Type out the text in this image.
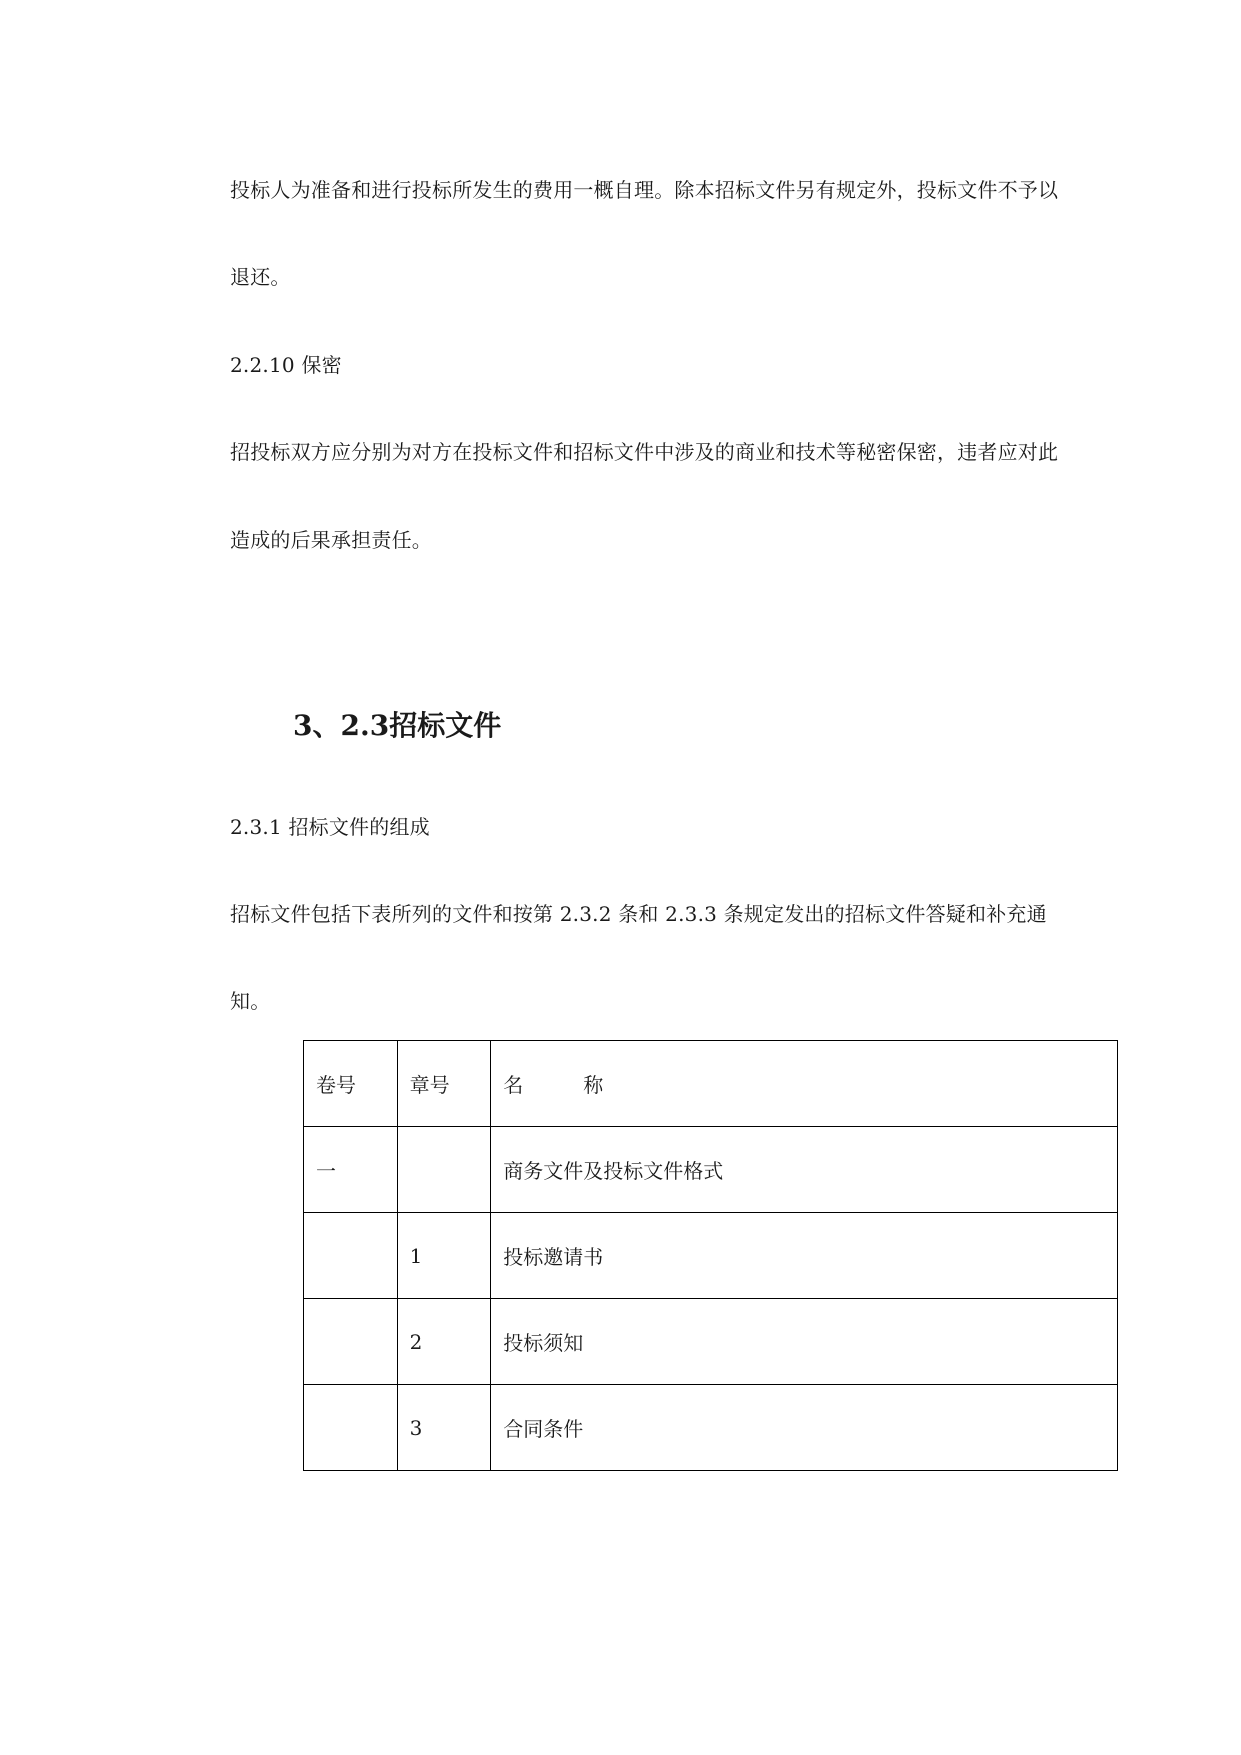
投标人为准备和进行投标所发生的费用一概自理。除本招标文件另有规定外，投标文件不予以
退还。
2.2.10 保密
招投标双方应分别为对方在投标文件和招标文件中涉及的商业和技术等秘密保密，违者应对此
造成的后果承担责任。
3、2.3招标文件
2.3.1 招标文件的组成
招标文件包括下表所列的文件和按第 2.3.2 条和 2.3.3 条规定发出的招标文件答疑和补充通
知。
卷号	章号	名　　　称
一		商务文件及投标文件格式
	1	投标邀请书
	2	投标须知
	3	合同条件
